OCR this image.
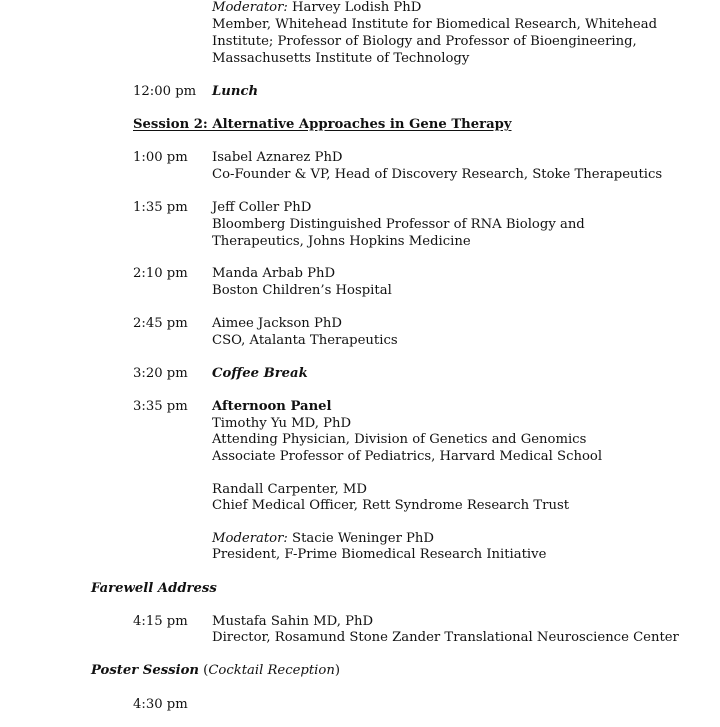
Moderator: Harvey Lodish PhD
Member, Whitehead Institute for Biomedical Research, Whitehead
Institute; Professor of Biology and Professor of Bioengineering,
Massachusetts Institute of Technology
12:00 pm Lunch
Session 2: Alternative Approaches in Gene Therapy
1:00 pm Isabel Aznarez PhD
Co-Founder & VP, Head of Discovery Research, Stoke Therapeutics
1:35 pm Jeff Coller PhD
Bloomberg Distinguished Professor of RNA Biology and
Therapeutics, Johns Hopkins Medicine
2:10 pm Manda Arbab PhD
Boston Children’s Hospital
2:45 pm Aimee Jackson PhD
CSO, Atalanta Therapeutics
3:20 pm Coffee Break
3:35 pm Afternoon Panel
Timothy Yu MD, PhD
Attending Physician, Division of Genetics and Genomics
Associate Professor of Pediatrics, Harvard Medical School
Randall Carpenter, MD
Chief Medical Officer, Rett Syndrome Research Trust
Moderator: Stacie Weninger PhD
President, F-Prime Biomedical Research Initiative
Farewell Address
4:15 pm Mustafa Sahin MD, PhD
Director, Rosamund Stone Zander Translational Neuroscience Center
Poster Session (Cocktail Reception)
4:30 pm
